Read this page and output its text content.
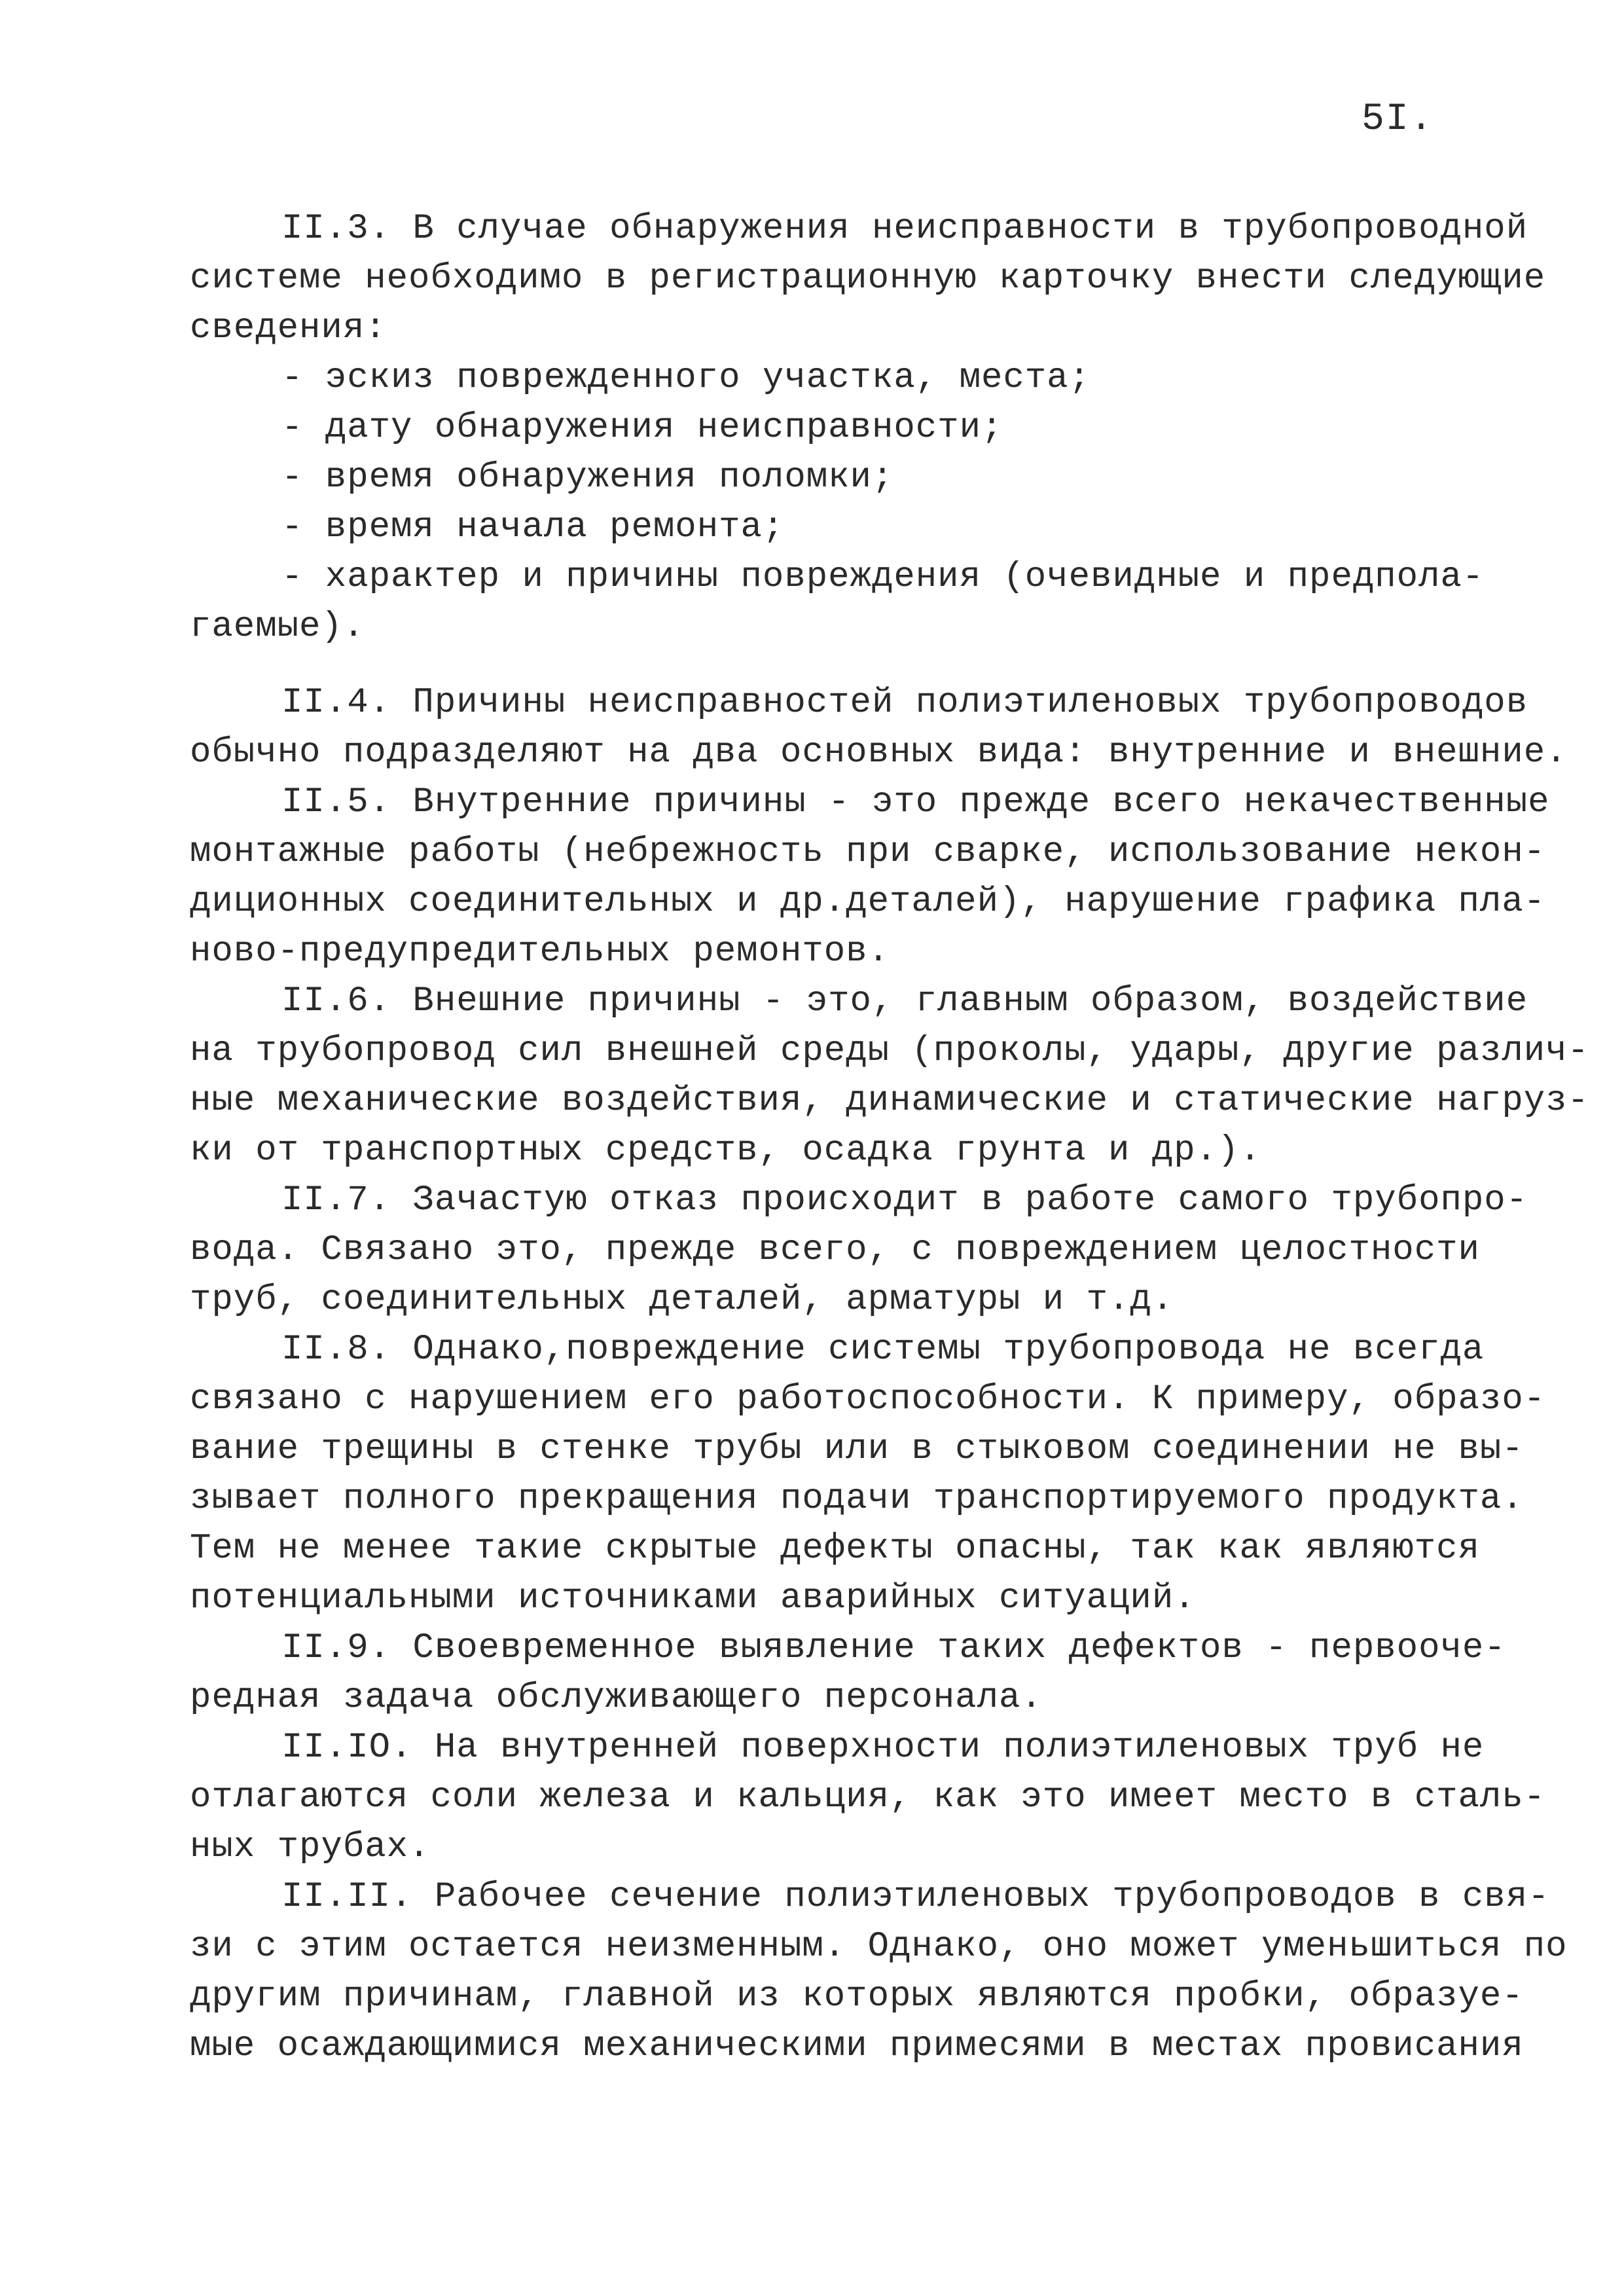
5I.
II.3. В случае обнаружения неисправности в трубопроводной
системе необходимо в регистрационную карточку внести следующие
сведения:
- эскиз поврежденного участка, места;
- дату обнаружения неисправности;
- время обнаружения поломки;
- время начала ремонта;
- характер и причины повреждения (очевидные и предпола-
гаемые).
II.4. Причины неисправностей полиэтиленовых трубопроводов
обычно подразделяют на два основных вида: внутренние и внешние.
II.5. Внутренние причины - это прежде всего некачественные
монтажные работы (небрежность при сварке, использование некон-
диционных соединительных и др.деталей), нарушение графика пла-
ново-предупредительных ремонтов.
II.6. Внешние причины - это, главным образом, воздействие
на трубопровод сил внешней среды (проколы, удары, другие различ-
ные механические воздействия, динамические и статические нагруз-
ки от транспортных средств, осадка грунта и др.).
II.7. Зачастую отказ происходит в работе самого трубопро-
вода. Связано это, прежде всего, с повреждением целостности
труб, соединительных деталей, арматуры и т.д.
II.8. Однако,повреждение системы трубопровода не всегда
связано с нарушением его работоспособности. К примеру, образо-
вание трещины в стенке трубы или в стыковом соединении не вы-
зывает полного прекращения подачи транспортируемого продукта.
Тем не менее такие скрытые дефекты опасны, так как являются
потенциальными источниками аварийных ситуаций.
II.9. Своевременное выявление таких дефектов - первооче-
редная задача обслуживающего персонала.
II.IO. На внутренней поверхности полиэтиленовых труб не
отлагаются соли железа и кальция, как это имеет место в сталь-
ных трубах.
II.II. Рабочее сечение полиэтиленовых трубопроводов в свя-
зи с этим остается неизменным. Однако, оно может уменьшиться по
другим причинам, главной из которых являются пробки, образуе-
мые осаждающимися механическими примесями в местах провисания
